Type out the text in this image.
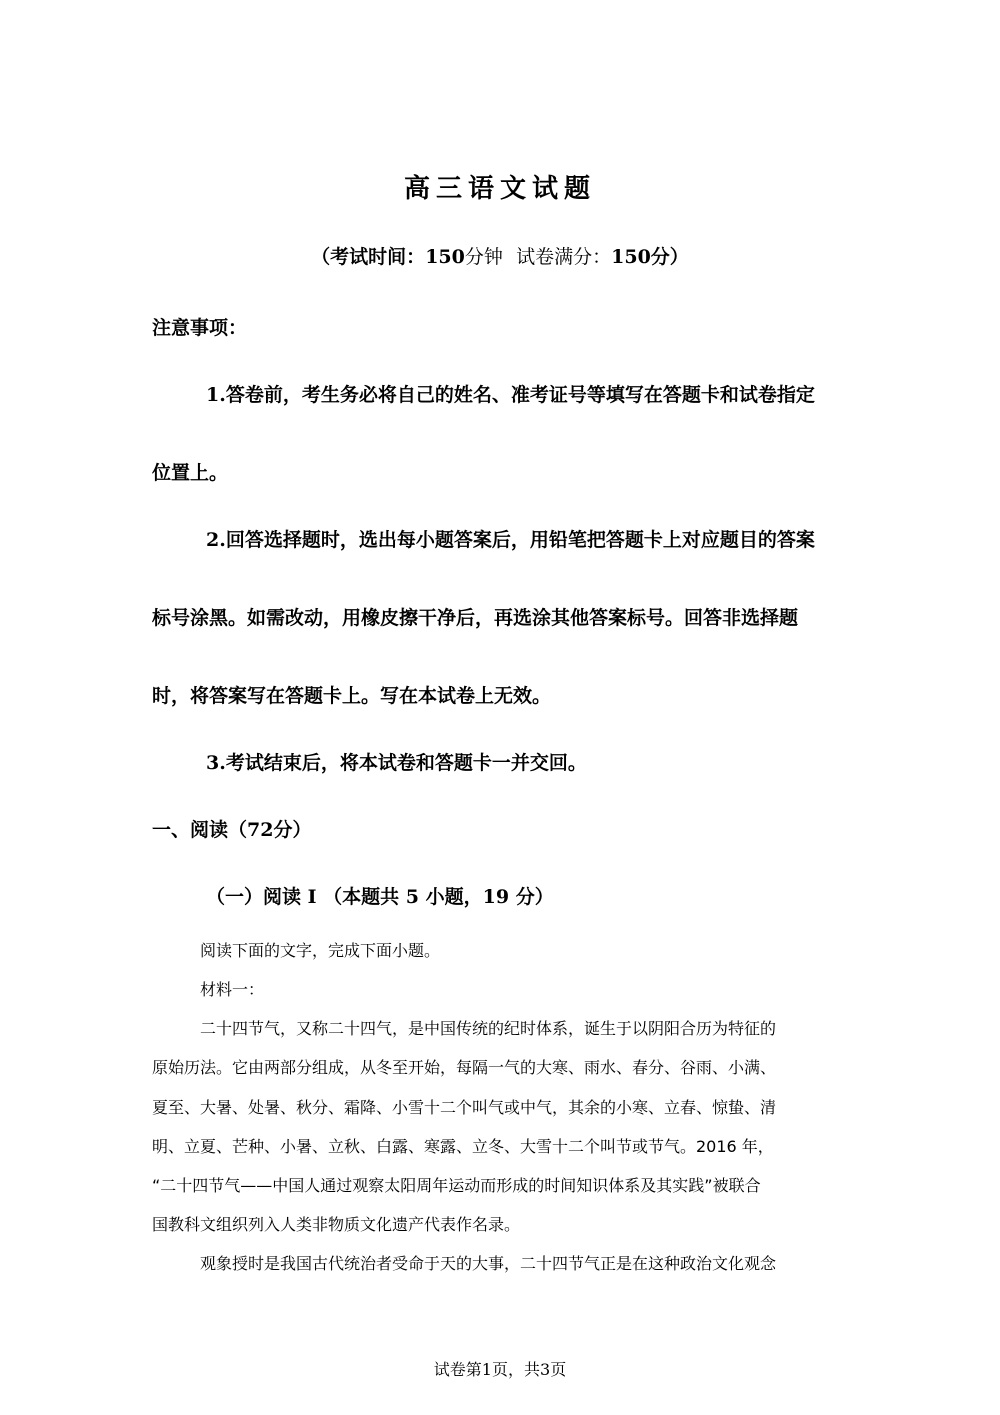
高三语文试题
（考试时间：150分钟 试卷满分：150分）
注意事项：
1.答卷前，考生务必将自己的姓名、准考证号等填写在答题卡和试卷指定
位置上。
2.回答选择题时，选出每小题答案后，用铅笔把答题卡上对应题目的答案
标号涂黑。如需改动，用橡皮擦干净后，再选涂其他答案标号。回答非选择题
时，将答案写在答题卡上。写在本试卷上无效。
3.考试结束后，将本试卷和答题卡一并交回。
一、阅读（72分）
（一）阅读 I （本题共 5 小题，19 分）
阅读下面的文字，完成下面小题。
材料一：
二十四节气，又称二十四气，是中国传统的纪时体系，诞生于以阴阳合历为特征的
原始历法。它由两部分组成，从冬至开始，每隔一气的大寒、雨水、春分、谷雨、小满、
夏至、大暑、处暑、秋分、霜降、小雪十二个叫气或中气，其余的小寒、立春、惊蛰、清
明、立夏、芒种、小暑、立秋、白露、寒露、立冬、大雪十二个叫节或节气。2016 年，
“二十四节气——中国人通过观察太阳周年运动而形成的时间知识体系及其实践”被联合
国教科文组织列入人类非物质文化遗产代表作名录。
观象授时是我国古代统治者受命于天的大事，二十四节气正是在这种政治文化观念
试卷第1页，共3页
